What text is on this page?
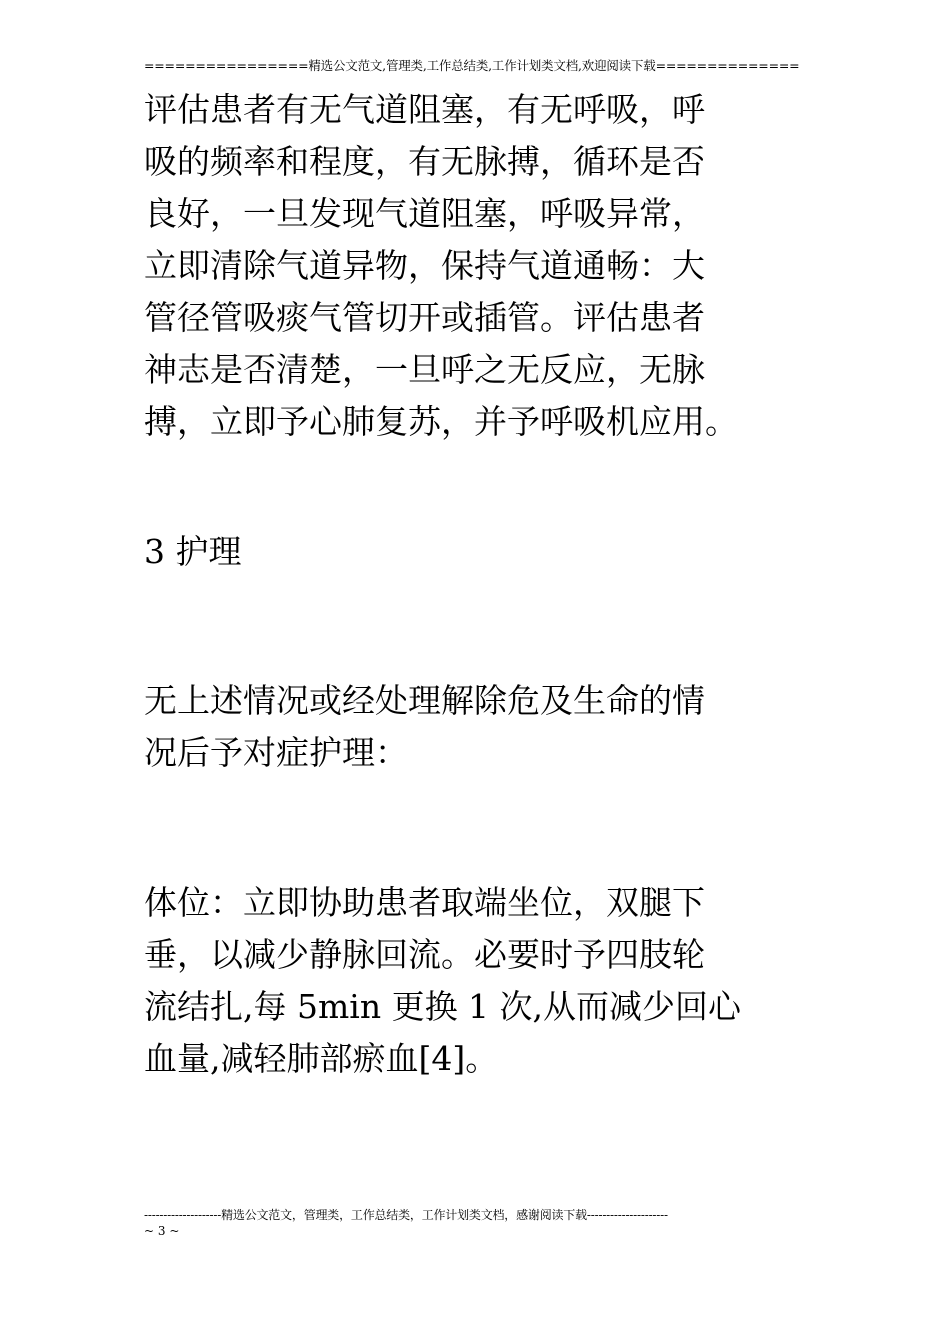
================精选公文范文,管理类,工作总结类,工作计划类文档,欢迎阅读下载==============

评估患者有无气道阻塞，有无呼吸，呼
吸的频率和程度，有无脉搏，循环是否
良好，一旦发现气道阻塞，呼吸异常，
立即清除气道异物，保持气道通畅：大
管径管吸痰气管切开或插管。评估患者
神志是否清楚，一旦呼之无反应，无脉
搏，立即予心肺复苏，并予呼吸机应用。

3 护理

无上述情况或经处理解除危及生命的情
况后予对症护理：

体位：立即协助患者取端坐位，双腿下
垂，以减少静脉回流。必要时予四肢轮
流结扎,每 5min 更换 1 次,从而减少回心
血量,减轻肺部瘀血[4]。

--------------------精选公文范文，管理类，工作总结类，工作计划类文档，感谢阅读下载---------------------
~ 3 ~
